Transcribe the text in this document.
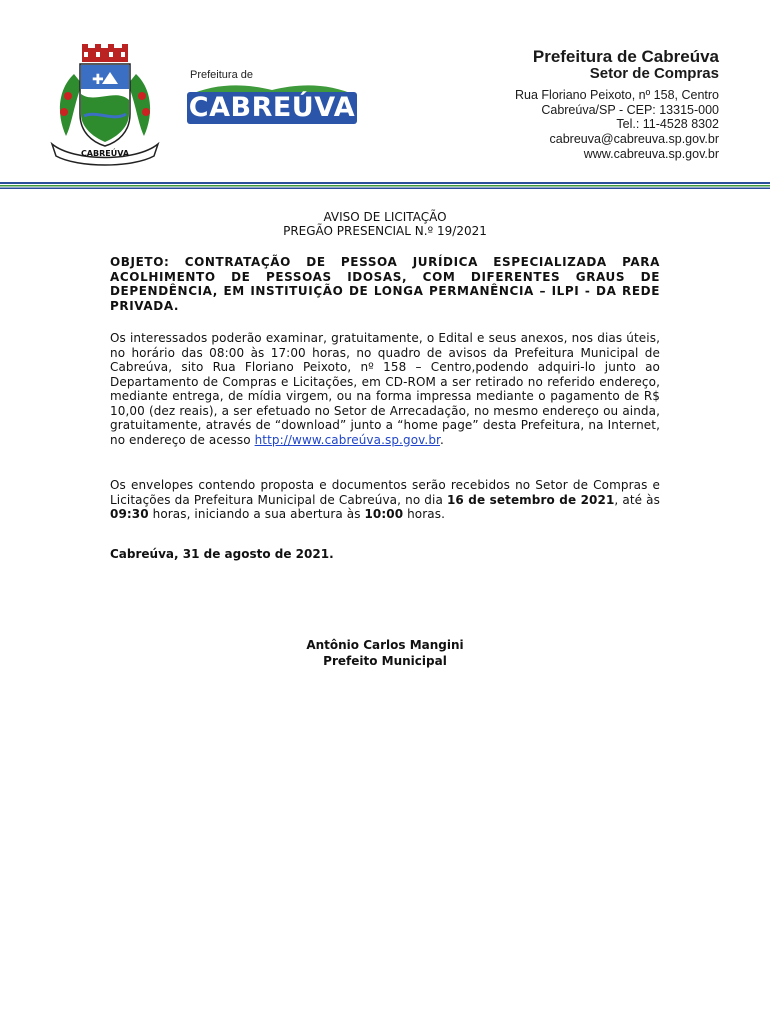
✚
CABREÚVA
Prefeitura de
CABREÚVA
Prefeitura de Cabreúva
Setor de Compras
Rua Floriano Peixoto, nº 158, Centro
Cabreúva/SP - CEP: 13315-000
Tel.: 11-4528 8302
cabreuva@cabreuva.sp.gov.br
www.cabreuva.sp.gov.br
AVISO DE LICITAÇÃO
PREGÃO PRESENCIAL N.º 19/2021
OBJETO: CONTRATAÇÃO DE PESSOA JURÍDICA ESPECIALIZADA PARA ACOLHIMENTO DE PESSOAS IDOSAS, COM DIFERENTES GRAUS DE DEPENDÊNCIA, EM INSTITUIÇÃO DE LONGA PERMANÊNCIA – ILPI - DA REDE PRIVADA.
Os interessados poderão examinar, gratuitamente, o Edital e seus anexos, nos dias úteis, no horário das 08:00 às 17:00 horas, no quadro de avisos da Prefeitura Municipal de Cabreúva, sito Rua Floriano Peixoto, nº 158 – Centro,podendo adquiri-lo junto ao Departamento de Compras e Licitações, em CD-ROM a ser retirado no referido endereço, mediante entrega, de mídia virgem, ou na forma impressa mediante o pagamento de R$ 10,00 (dez reais), a ser efetuado no Setor de Arrecadação, no mesmo endereço ou ainda, gratuitamente, através de “download” junto a “home page” desta Prefeitura, na Internet, no endereço de acesso http://www.cabreúva.sp.gov.br.
Os envelopes contendo proposta e documentos serão recebidos no Setor de Compras e Licitações da Prefeitura Municipal de Cabreúva, no dia 16 de setembro de 2021, até às 09:30 horas, iniciando a sua abertura às 10:00 horas.
Cabreúva, 31 de agosto de 2021.
Antônio Carlos Mangini
Prefeito Municipal
